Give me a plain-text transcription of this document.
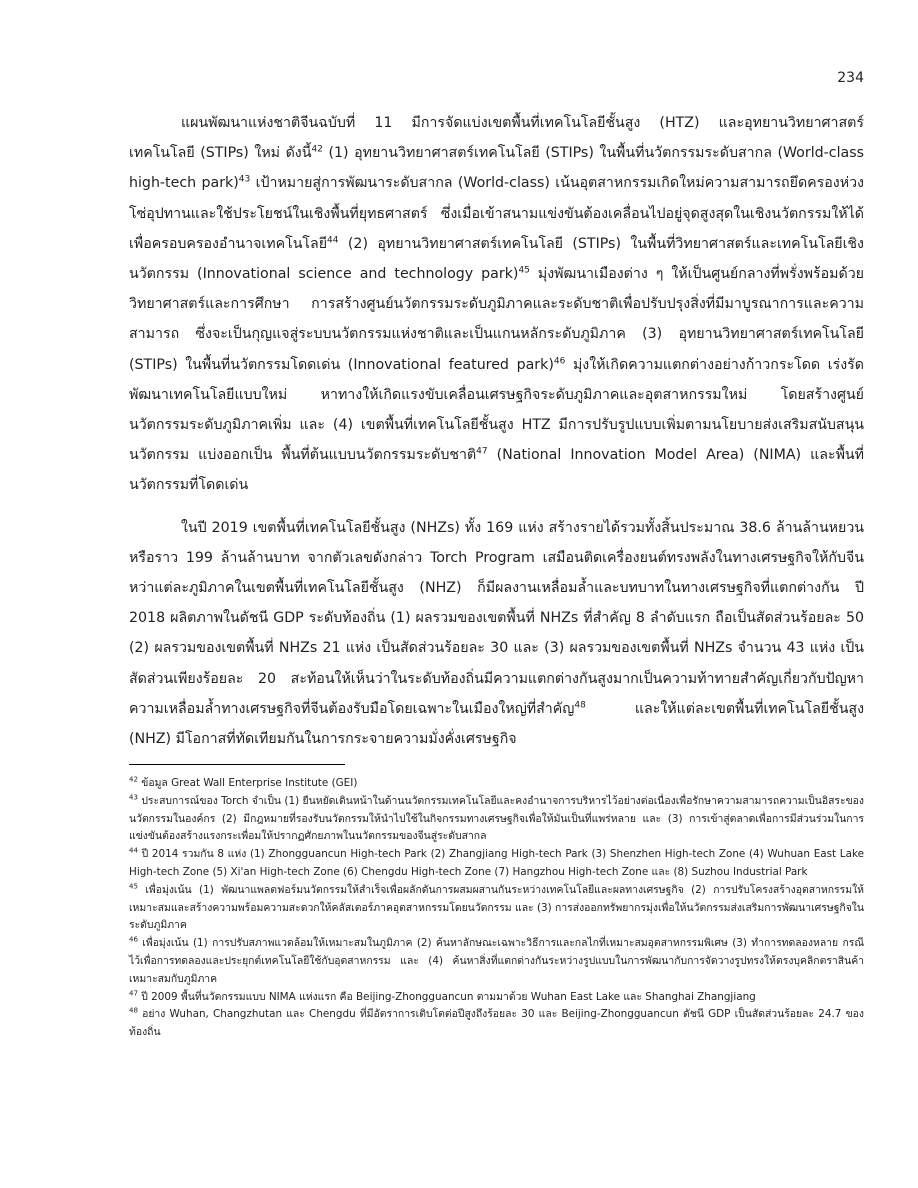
234

แผนพัฒนาแห่งชาติจีนฉบับที่ 11 มีการจัดแบ่งเขตพื้นที่เทคโนโลยีชั้นสูง (HTZ) และอุทยานวิทยาศาสตร์เทคโนโลยี (STIPs) ใหม่ ดังนี้$^{42}$ (1) อุทยานวิทยาศาสตร์เทคโนโลยี (STIPs) ในพื้นที่นวัตกรรมระดับสากล (World-class high-tech park)$^{43}$ เป้าหมายสู่การพัฒนาระดับสากล (World-class) เน้นอุตสาหกรรมเกิดใหม่ความสามารถยึดครองห่วงโซ่อุปทานและใช้ประโยชน์ในเชิงพื้นที่ยุทธศาสตร์ ซึ่งเมื่อเข้าสนามแข่งขันต้องเคลื่อนไปอยู่จุดสูงสุดในเชิงนวัตกรรมให้ได้เพื่อครอบครองอำนาจเทคโนโลยี$^{44}$ (2) อุทยานวิทยาศาสตร์เทคโนโลยี (STIPs) ในพื้นที่วิทยาศาสตร์และเทคโนโลยีเชิงนวัตกรรม (Innovational science and technology park)$^{45}$ มุ่งพัฒนาเมืองต่าง ๆ ให้เป็นศูนย์กลางที่พรั่งพร้อมด้วยวิทยาศาสตร์และการศึกษา การสร้างศูนย์นวัตกรรมระดับภูมิภาคและระดับชาติเพื่อปรับปรุงสิ่งที่มีมาบูรณาการและความสามารถ ซึ่งจะเป็นกุญแจสู่ระบบนวัตกรรมแห่งชาติและเป็นแกนหลักระดับภูมิภาค (3) อุทยานวิทยาศาสตร์เทคโนโลยี (STIPs) ในพื้นที่นวัตกรรมโดดเด่น (Innovational featured park)$^{46}$ มุ่งให้เกิดความแตกต่างอย่างก้าวกระโดด เร่งรัดพัฒนาเทคโนโลยีแบบใหม่ หาทางให้เกิดแรงขับเคลื่อนเศรษฐกิจระดับภูมิภาคและอุตสาหกรรมใหม่ โดยสร้างศูนย์นวัตกรรมระดับภูมิภาคเพิ่ม และ (4) เขตพื้นที่เทคโนโลยีชั้นสูง HTZ มีการปรับรูปแบบเพิ่มตามนโยบายส่งเสริมสนับสนุนนวัตกรรม แบ่งออกเป็น พื้นที่ต้นแบบนวัตกรรมระดับชาติ$^{47}$ (National Innovation Model Area) (NIMA) และพื้นที่นวัตกรรมที่โดดเด่น

ในปี 2019 เขตพื้นที่เทคโนโลยีชั้นสูง (NHZs) ทั้ง 169 แห่ง สร้างรายได้รวมทั้งสิ้นประมาณ 38.6 ล้านล้านหยวน หรือราว 199 ล้านล้านบาท จากตัวเลขดังกล่าว Torch Program เสมือนติดเครื่องยนต์ทรงพลังในทางเศรษฐกิจให้กับจีน หว่าแต่ละภูมิภาคในเขตพื้นที่เทคโนโลยีชั้นสูง (NHZ) ก็มีผลงานเหลื่อมล้ำและบทบาทในทางเศรษฐกิจที่แตกต่างกัน ปี 2018 ผลิตภาพในดัชนี GDP ระดับท้องถิ่น (1) ผลรวมของเขตพื้นที่ NHZs ที่สำคัญ 8 ลำดับแรก ถือเป็นสัดส่วนร้อยละ 50 (2) ผลรวมของเขตพื้นที่ NHZs 21 แห่ง เป็นสัดส่วนร้อยละ 30 และ (3) ผลรวมของเขตพื้นที่ NHZs จำนวน 43 แห่ง เป็นสัดส่วนเพียงร้อยละ 20 สะท้อนให้เห็นว่าในระดับท้องถิ่นมีความแตกต่างกันสูงมากเป็นความท้าทายสำคัญเกี่ยวกับปัญหาความเหลื่อมล้ำทางเศรษฐกิจที่จีนต้องรับมือโดยเฉพาะในเมืองใหญ่ที่สำคัญ$^{48}$ และให้แต่ละเขตพื้นที่เทคโนโลยีชั้นสูง (NHZ) มีโอกาสที่ทัดเทียมกันในการกระจายความมั่งคั่งเศรษฐกิจ

$^{42}$ ข้อมูล Great Wall Enterprise Institute (GEI)

$^{43}$ ประสบการณ์ของ Torch จำเป็น (1) ยืนหยัดเดินหน้าในด้านนวัตกรรมเทคโนโลยีและคงอำนาจการบริหารไว้อย่างต่อเนื่องเพื่อรักษาความสามารถความเป็นอิสระของนวัตกรรมในองค์กร (2) มีกฎหมายที่รองรับนวัตกรรมให้นำไปใช้ในกิจกรรมทางเศรษฐกิจเพื่อให้มันเป็นที่แพร่หลาย และ (3) การเข้าสู่ตลาดเพื่อการมีส่วนร่วมในการแข่งขันต้องสร้างแรงกระเพื่อมให้ปรากฏศักยภาพในนวัตกรรมของจีนสู่ระดับสากล

$^{44}$ ปี 2014 รวมกัน 8 แห่ง (1) Zhongguancun High-tech Park (2) Zhangjiang High-tech Park (3) Shenzhen High-tech Zone (4) Wuhuan East Lake High-tech Zone (5) Xi'an High-tech Zone (6) Chengdu High-tech Zone (7) Hangzhou High-tech Zone และ (8) Suzhou Industrial Park

$^{45}$ เพื่อมุ่งเน้น (1) พัฒนาแพลตฟอร์มนวัตกรรมให้สำเร็จเพื่อผลักดันการผสมผสานกันระหว่างเทคโนโลยีและผลทางเศรษฐกิจ (2) การปรับโครงสร้างอุตสาหกรรมให้เหมาะสมและสร้างความพร้อมความสะดวกให้คลัสเตอร์ภาคอุตสาหกรรมโดยนวัตกรรม และ (3) การส่งออกทรัพยากรมุ่งเพื่อให้นวัตกรรมส่งเสริมการพัฒนาเศรษฐกิจในระดับภูมิภาค

$^{46}$ เพื่อมุ่งเน้น (1) การปรับสภาพแวดล้อมให้เหมาะสมในภูมิภาค (2) ค้นหาลักษณะเฉพาะวิธีการและกลไกที่เหมาะสมอุตสาหกรรมพิเศษ (3) ทำการทดลองหลาย กรณีไว้เพื่อการทดลองและประยุกต์เทคโนโลยีใช้กับอุตสาหกรรม และ (4) ค้นหาสิ่งที่แตกต่างกันระหว่างรูปแบบในการพัฒนากับการจัดวางรูปทรงให้ตรงบุคลิกตราสินค้าเหมาะสมกับภูมิภาค

$^{47}$ ปี 2009 พื้นที่นวัตกรรมแบบ NIMA แห่งแรก คือ Beijing-Zhongguancun ตามมาด้วย Wuhan East Lake และ Shanghai Zhangjiang

$^{48}$ อย่าง Wuhan, Changzhutan และ Chengdu ที่มีอัตราการเติบโตต่อปีสูงถึงร้อยละ 30 และ Beijing-Zhongguancun ดัชนี GDP เป็นสัดส่วนร้อยละ 24.7 ของท้องถิ่น
